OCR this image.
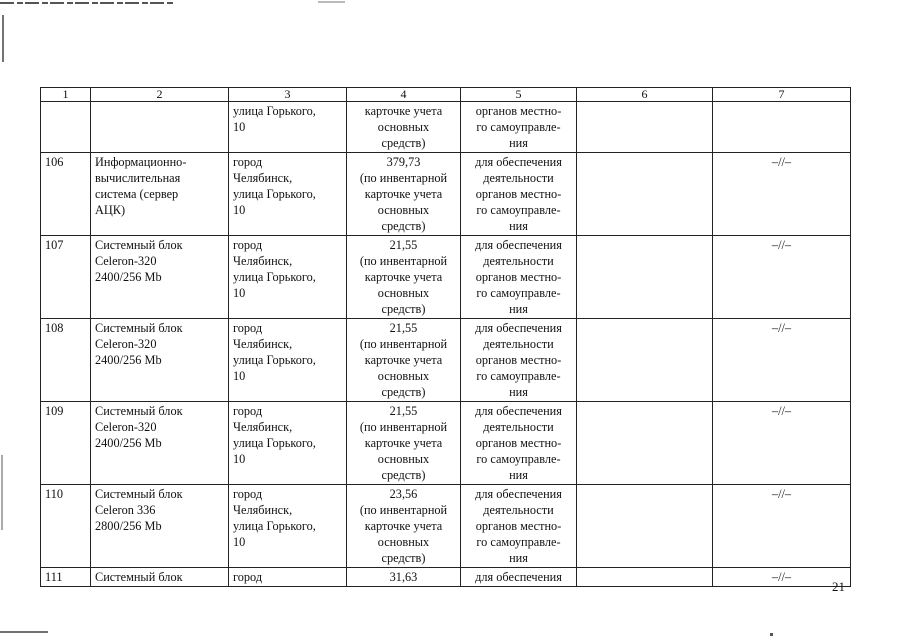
1	2	3	4	5	6	7

		улица Горького,
10	карточке учета
основных
средств)	органов местно-
го самоуправле-
ния		

106	Информационно-
вычислительная
система (сервер
АЦК)	город
Челябинск,
улица Горького,
10	379,73
(по инвентарной
карточке учета
основных
средств)	для обеспечения
деятельности
органов местно-
го самоуправле-
ния		–//–
107	Системный блок
Celeron-320
2400/256 Mb	город
Челябинск,
улица Горького,
10	21,55
(по инвентарной
карточке учета
основных
средств)	для обеспечения
деятельности
органов местно-
го самоуправле-
ния		–//–
108	Системный блок
Celeron-320
2400/256 Mb	город
Челябинск,
улица Горького,
10	21,55
(по инвентарной
карточке учета
основных
средств)	для обеспечения
деятельности
органов местно-
го самоуправле-
ния		–//–
109	Системный блок
Celeron-320
2400/256 Mb	город
Челябинск,
улица Горького,
10	21,55
(по инвентарной
карточке учета
основных
средств)	для обеспечения
деятельности
органов местно-
го самоуправле-
ния		–//–
110	Системный блок
Celeron 336
2800/256 Mb	город
Челябинск,
улица Горького,
10	23,56
(по инвентарной
карточке учета
основных
средств)	для обеспечения
деятельности
органов местно-
го самоуправле-
ния		–//–
111	Системный блок	город	31,63	для обеспечения		–//–
21
